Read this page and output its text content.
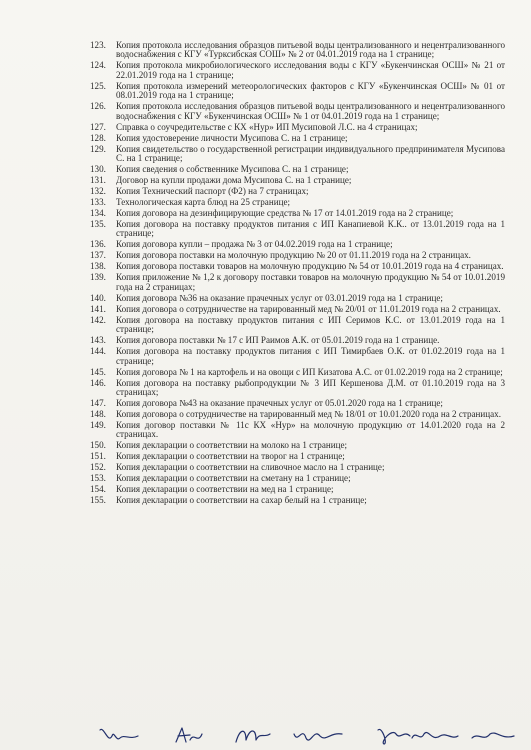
123.	Копия протокола исследования образцов питьевой воды централизованного и нецентрализованного водоснабжения с КГУ «Турксибская СОШ» № 2 от 04.01.2019 года на 1 странице;
124.	Копия протокола микробиологического исследования воды с КГУ «Букенчинская ОСШ» № 21 от 22.01.2019 года на 1 странице;
125.	Копия протокола измерений метеорологических факторов с КГУ «Букенчинская ОСШ» № 01 от 08.01.2019 года на 1 странице;
126.	Копия протокола исследования образцов питьевой воды централизованного и нецентрализованного водоснабжения с КГУ «Букенчинская ОСШ» № 1 от 04.01.2019 года на 1 странице;
127.	Справка о соучредительстве с КХ «Нур» ИП Мусиповой Л.С. на 4 страницах;
128.	Копия удостоверение личности Мусипова С. на 1 странице;
129.	Копия свидетельство о государственной регистрации индивидуального предпринимателя Мусипова С. на 1 странице;
130.	Копия сведения о собственнике Мусипова С. на 1 странице;
131.	Договор на купли продажи дома Мусипова С. на 1 странице;
132.	Копия Технический паспорт (Ф2) на 7 страницах;
133.	Технологическая карта блюд на 25 странице;
134.	Копия договора на дезинфицирующие средства № 17 от 14.01.2019 года на 2 странице;
135.	Копия договора на поставку продуктов питания с ИП Канапиевой К.К.. от 13.01.2019 года на 1 странице;
136.	Копия договора купли – продажа № 3 от 04.02.2019 года на 1 странице;
137.	Копия договора поставки на молочную продукцию № 20 от 01.11.2019 года на 2 страницах.
138.	Копия договора поставки товаров на молочную продукцию № 54 от 10.01.2019 года на 4 страницах.
139.	Копия приложение № 1,2 к договору поставки товаров на молочную продукцию № 54 от 10.01.2019 года на 2 страницах;
140.	Копия договора №36 на оказание прачечных услуг от 03.01.2019 года на 1 странице;
141.	Копия договора о сотрудничестве на тарированный мед № 20/01 от 11.01.2019 года на 2 страницах.
142.	Копия договора на поставку продуктов питания с ИП Серимов К.С. от 13.01.2019 года на 1 странице;
143.	Копия договора поставки № 17 с ИП Раимов А.К. от 05.01.2019 года на 1 странице.
144.	Копия договора на поставку продуктов питания с ИП Тимирбаев О.К. от 01.02.2019 года на 1 странице;
145.	Копия договора № 1 на картофель и на овощи с ИП Кизатова А.С. от 01.02.2019 года на 2 странице;
146.	Копия договора на поставку рыбопродукции № 3 ИП Кершенова Д.М. от 01.10.2019 года на 3 страницах;
147.	Копия договора №43 на оказание прачечных услуг от 05.01.2020 года на 1 странице;
148.	Копия договора о сотрудничестве на тарированный мед № 18/01 от 10.01.2020 года на 2 страницах.
149.	Копия договор поставки № 11с КХ «Нур» на молочную продукцию от 14.01.2020 года на 2 страницах.
150.	Копия декларации о соответствии на молоко на 1 странице;
151.	Копия декларации о соответствии на творог на 1 странице;
152.	Копия декларации о соответствии на сливочное масло на 1 странице;
153.	Копия декларации о соответствии на сметану на 1 странице;
154.	Копия декларации о соответствии на мед на 1 странице;
155.	Копия декларации о соответствии на сахар белый на 1 странице;
